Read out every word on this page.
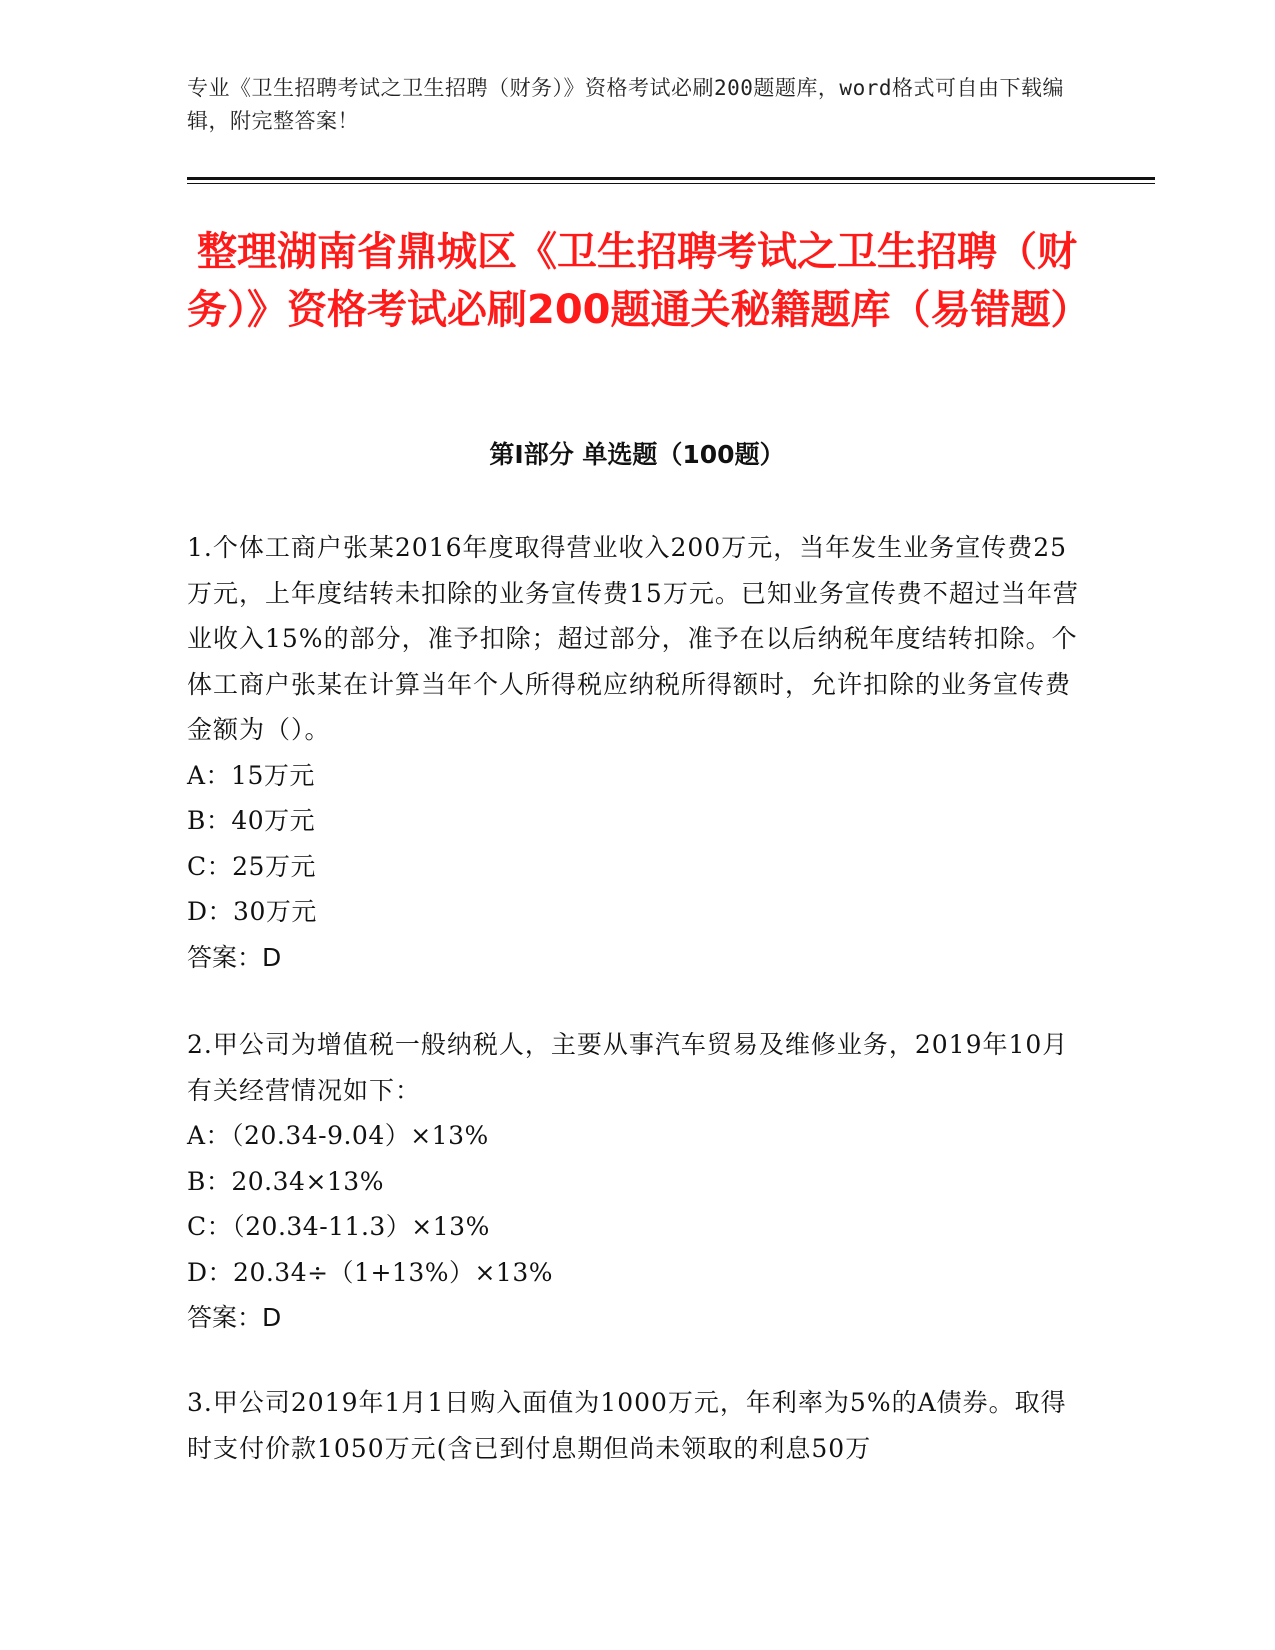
专业《卫生招聘考试之卫生招聘（财务）》资格考试必刷200题题库，word格式可自由下载编辑，附完整答案！
整理湖南省鼎城区《卫生招聘考试之卫生招聘（财务）》资格考试必刷200题通关秘籍题库（易错题）
第Ⅰ部分 单选题（100题）

1.个体工商户张某2016年度取得营业收入200万元，当年发生业务宣传费25万元，上年度结转未扣除的业务宣传费15万元。已知业务宣传费不超过当年营业收入15%的部分，准予扣除；超过部分，准予在以后纳税年度结转扣除。个体工商户张某在计算当年个人所得税应纳税所得额时，允许扣除的业务宣传费金额为（）。

A：15万元

B：40万元

C：25万元

D：30万元

答案：D

2.甲公司为增值税一般纳税人，主要从事汽车贸易及维修业务，2019年10月有关经营情况如下：

A：（20.34-9.04）×13%

B：20.34×13%

C：（20.34-11.3）×13%

D：20.34÷（1+13%）×13%

答案：D

3.甲公司2019年1月1日购入面值为1000万元，年利率为5%的A债券。取得时支付价款1050万元(含已到付息期但尚未领取的利息50万
